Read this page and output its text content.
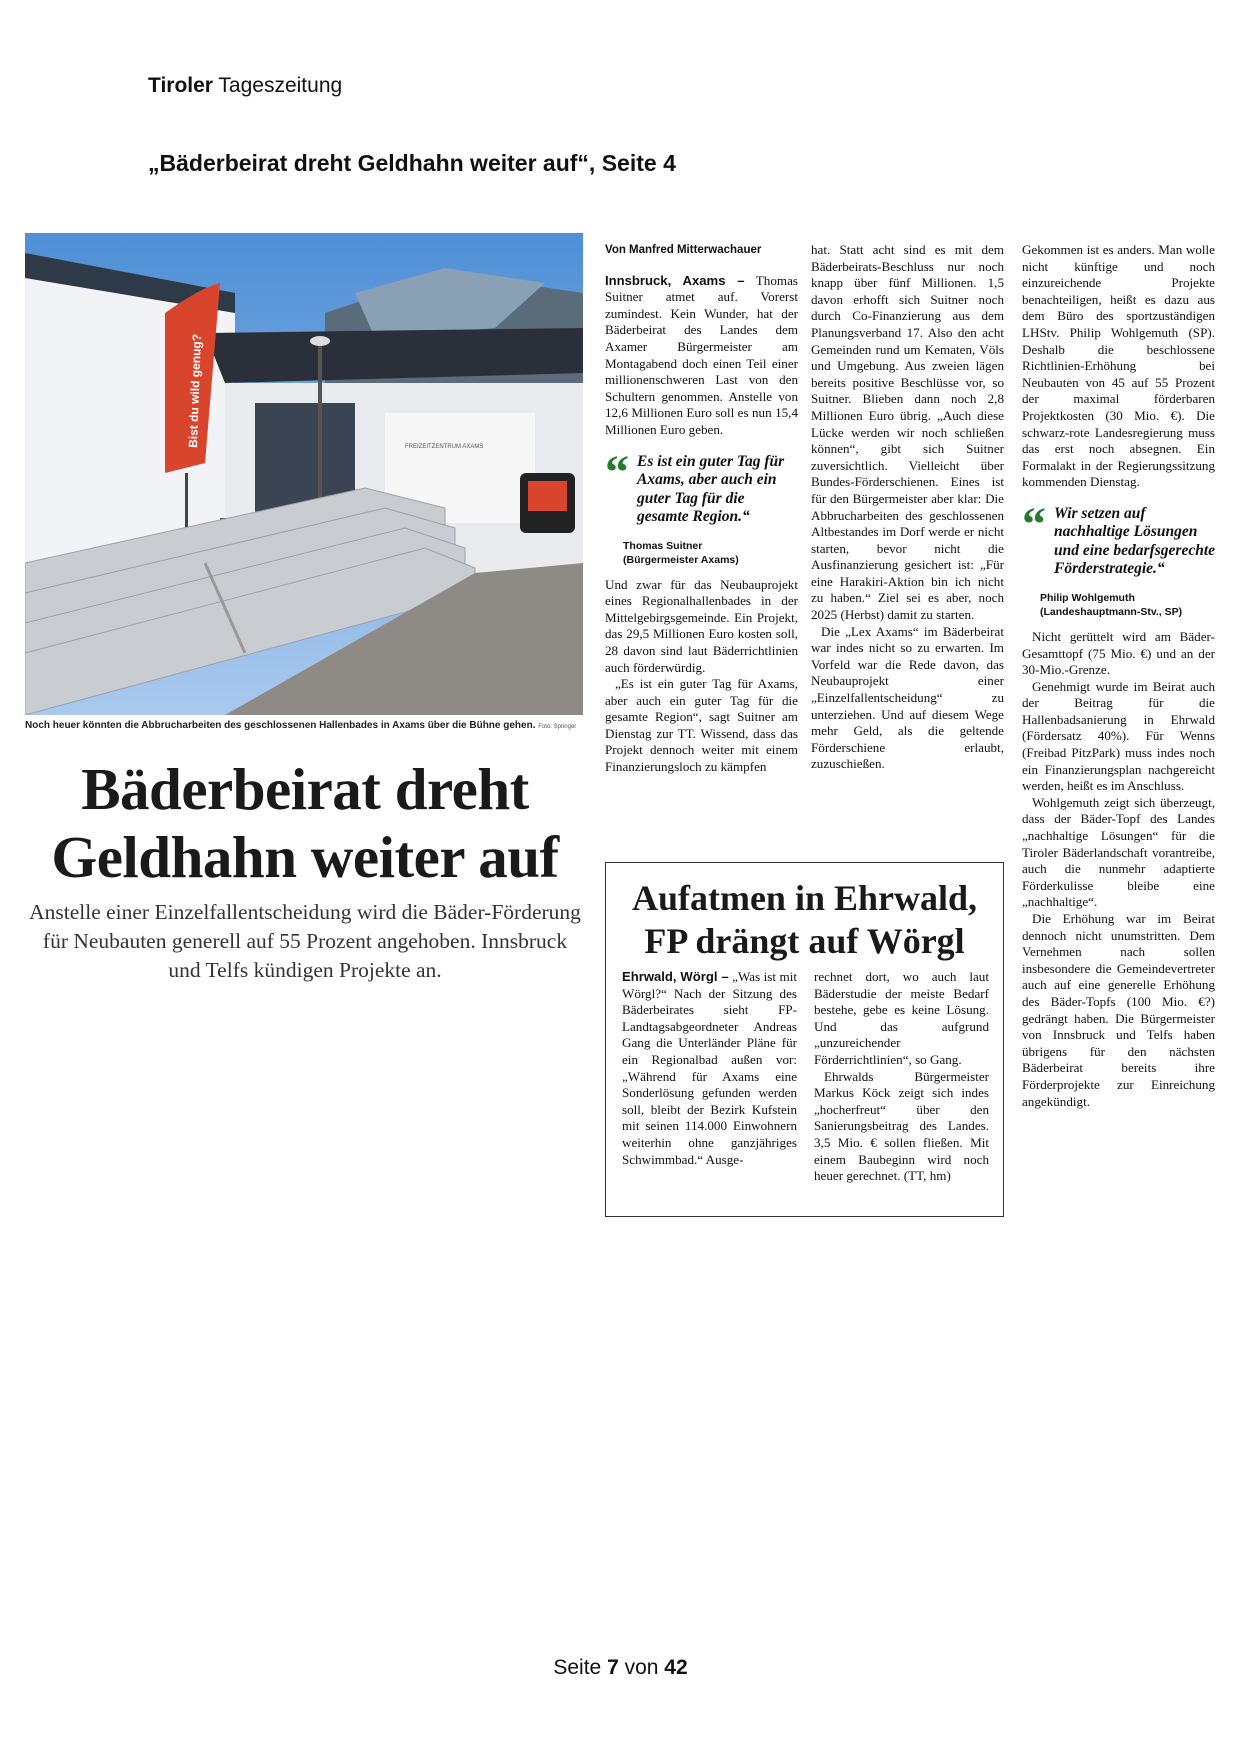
Tiroler Tageszeitung
„Bäderbeirat dreht Geldhahn weiter auf“, Seite 4
FREIZEITZENTRUM AXAMS
Bist du wild genug?
Noch heuer könnten die Abbrucharbeiten des geschlossenen Hallenbades in Axams über die Bühne gehen. Foto: Springer
Bäderbeirat dreht
Geldhahn weiter auf
Anstelle einer Einzelfallentscheidung wird die Bäder-Förderung für Neubauten generell auf 55 Prozent angehoben. Innsbruck und Telfs kündigen Projekte an.

Von Manfred Mitterwachauer

Innsbruck, Axams – Thomas Suitner atmet auf. Vorerst zumindest. Kein Wunder, hat der Bäderbeirat des Landes dem Axamer Bürgermeister am Montagabend doch einen Teil einer millionenschweren Last von den Schultern genommen. Anstelle von 12,6 Millionen Euro soll es nun 15,4 Millionen Euro geben.

“ Es ist ein guter Tag für Axams, aber auch ein guter Tag für die gesamte Region.“
Thomas Suitner
(Bürgermeister Axams)

Und zwar für das Neubauprojekt eines Regionalhallenbades in der Mittelgebirgsgemeinde. Ein Projekt, das 29,5 Millionen Euro kosten soll, 28 davon sind laut Bäderrichtlinien auch förderwürdig.

„Es ist ein guter Tag für Axams, aber auch ein guter Tag für die gesamte Region“, sagt Suitner am Dienstag zur TT. Wissend, dass das Projekt dennoch weiter mit einem Finanzierungsloch zu kämpfen

hat. Statt acht sind es mit dem Bäderbeirats-Beschluss nur noch knapp über fünf Millionen. 1,5 davon erhofft sich Suitner noch durch Co-Finanzierung aus dem Planungsverband 17. Also den acht Gemeinden rund um Kematen, Völs und Umgebung. Aus zweien lägen bereits positive Beschlüsse vor, so Suitner. Blieben dann noch 2,8 Millionen Euro übrig. „Auch diese Lücke werden wir noch schließen können“, gibt sich Suitner zuversichtlich. Vielleicht über Bundes-Förderschienen. Eines ist für den Bürgermeister aber klar: Die Abbrucharbeiten des geschlossenen Altbestandes im Dorf werde er nicht starten, bevor nicht die Ausfinanzierung gesichert ist: „Für eine Harakiri-Aktion bin ich nicht zu haben.“ Ziel sei es aber, noch 2025 (Herbst) damit zu starten.

Die „Lex Axams“ im Bäderbeirat war indes nicht so zu erwarten. Im Vorfeld war die Rede davon, das Neubauprojekt einer „Einzelfallentscheidung“ zu unterziehen. Und auf diesem Wege mehr Geld, als die geltende Förderschiene erlaubt, zuzuschießen.

Gekommen ist es anders. Man wolle nicht künftige und noch einzureichende Projekte benachteiligen, heißt es dazu aus dem Büro des sportzuständigen LHStv. Philip Wohlgemuth (SP). Deshalb die beschlossene Richtlinien-Erhöhung bei Neubauten von 45 auf 55 Prozent der maximal förderbaren Projektkosten (30 Mio. €). Die schwarz-rote Landesregierung muss das erst noch absegnen. Ein Formalakt in der Regierungssitzung kommenden Dienstag.

“ Wir setzen auf nachhaltige Lösungen und eine bedarfsgerechte Förderstrategie.“
Philip Wohlgemuth
(Landeshauptmann-Stv., SP)

Nicht gerüttelt wird am Bäder-Gesamttopf (75 Mio. €) und an der 30-Mio.-Grenze.

Genehmigt wurde im Beirat auch der Beitrag für die Hallenbadsanierung in Ehrwald (Fördersatz 40%). Für Wenns (Freibad PitzPark) muss indes noch ein Finanzierungsplan nachgereicht werden, heißt es im Anschluss.

Wohlgemuth zeigt sich überzeugt, dass der Bäder-Topf des Landes „nachhaltige Lösungen“ für die Tiroler Bäderlandschaft vorantreibe, auch die nunmehr adaptierte Förderkulisse bleibe eine „nachhaltige“.

Die Erhöhung war im Beirat dennoch nicht unumstritten. Dem Vernehmen nach sollen insbesondere die Gemeindevertreter auch auf eine generelle Erhöhung des Bäder-Topfs (100 Mio. €?) gedrängt haben. Die Bürgermeister von Innsbruck und Telfs haben übrigens für den nächsten Bäderbeirat bereits ihre Förderprojekte zur Einreichung angekündigt.

Aufatmen in Ehrwald,
FP drängt auf Wörgl

Ehrwald, Wörgl – „Was ist mit Wörgl?“ Nach der Sitzung des Bäderbeirates sieht FP-Landtagsabgeordneter Andreas Gang die Unterländer Pläne für ein Regionalbad außen vor: „Während für Axams eine Sonderlösung gefunden werden soll, bleibt der Bezirk Kufstein mit seinen 114.000 Einwohnern weiterhin ohne ganzjähriges Schwimmbad.“ Ausge-

rechnet dort, wo auch laut Bäderstudie der meiste Bedarf bestehe, gebe es keine Lösung. Und das aufgrund „unzureichender Förderrichtlinien“, so Gang.

Ehrwalds Bürgermeister Markus Köck zeigt sich indes „hocherfreut“ über den Sanierungsbeitrag des Landes. 3,5 Mio. € sollen fließen. Mit einem Baubeginn wird noch heuer gerechnet. (TT, hm)

Seite 7 von 42
